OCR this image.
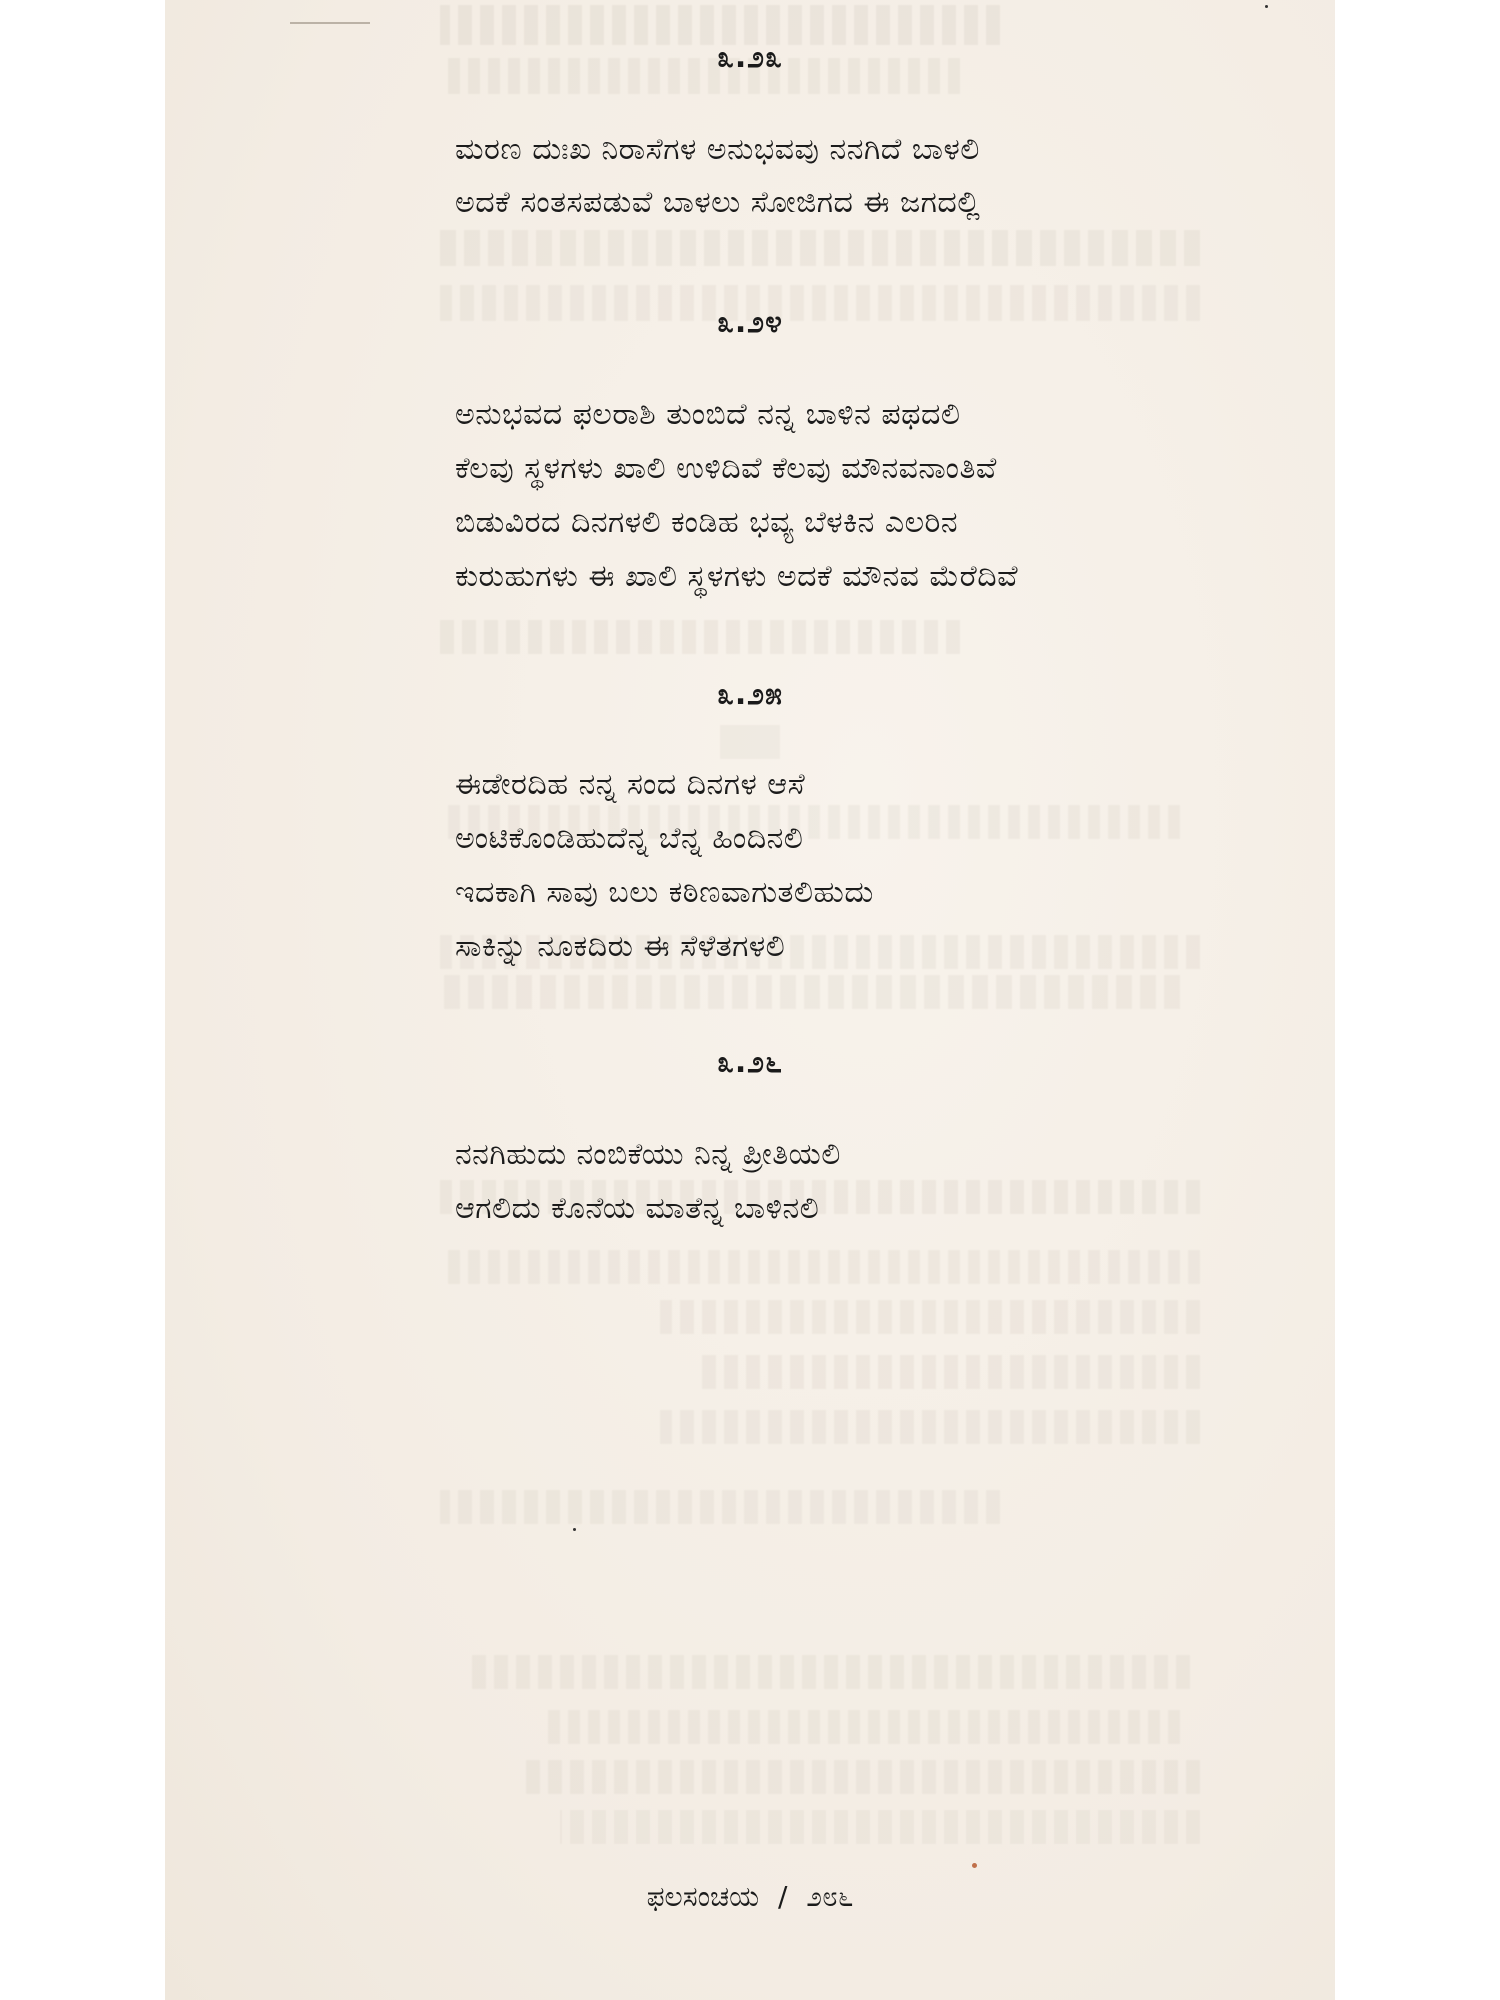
೩.೨೩
ಮರಣ ದುಃಖ ನಿರಾಸೆಗಳ ಅನುಭವವು ನನಗಿದೆ ಬಾಳಲಿ
ಅದಕೆ ಸಂತಸಪಡುವೆ ಬಾಳಲು ಸೋಜಿಗದ ಈ ಜಗದಲ್ಲಿ
೩.೨೪
ಅನುಭವದ ಫಲರಾಶಿ ತುಂಬಿದೆ ನನ್ನ ಬಾಳಿನ ಪಥದಲಿ
ಕೆಲವು ಸ್ಥಳಗಳು ಖಾಲಿ ಉಳಿದಿವೆ ಕೆಲವು ಮೌನವನಾಂತಿವೆ
ಬಿಡುವಿರದ ದಿನಗಳಲಿ ಕಂಡಿಹ ಭವ್ಯ ಬೆಳಕಿನ ಎಲರಿನ
ಕುರುಹುಗಳು ಈ ಖಾಲಿ ಸ್ಥಳಗಳು ಅದಕೆ ಮೌನವ ಮೆರೆದಿವೆ
೩.೨೫
ಈಡೇರದಿಹ ನನ್ನ ಸಂದ ದಿನಗಳ ಆಸೆ
ಅಂಟಿಕೊಂಡಿಹುದೆನ್ನ ಬೆನ್ನ ಹಿಂದಿನಲಿ
ಇದಕಾಗಿ ಸಾವು ಬಲು ಕಠಿಣವಾಗುತಲಿಹುದು
ಸಾಕಿನ್ನು ನೂಕದಿರು ಈ ಸೆಳೆತಗಳಲಿ
೩.೨೬
ನನಗಿಹುದು ನಂಬಿಕೆಯು ನಿನ್ನ ಪ್ರೀತಿಯಲಿ
ಆಗಲಿದು ಕೊನೆಯ ಮಾತೆನ್ನ ಬಾಳಿನಲಿ
ಫಲಸಂಚಯ / ೨೮೬
